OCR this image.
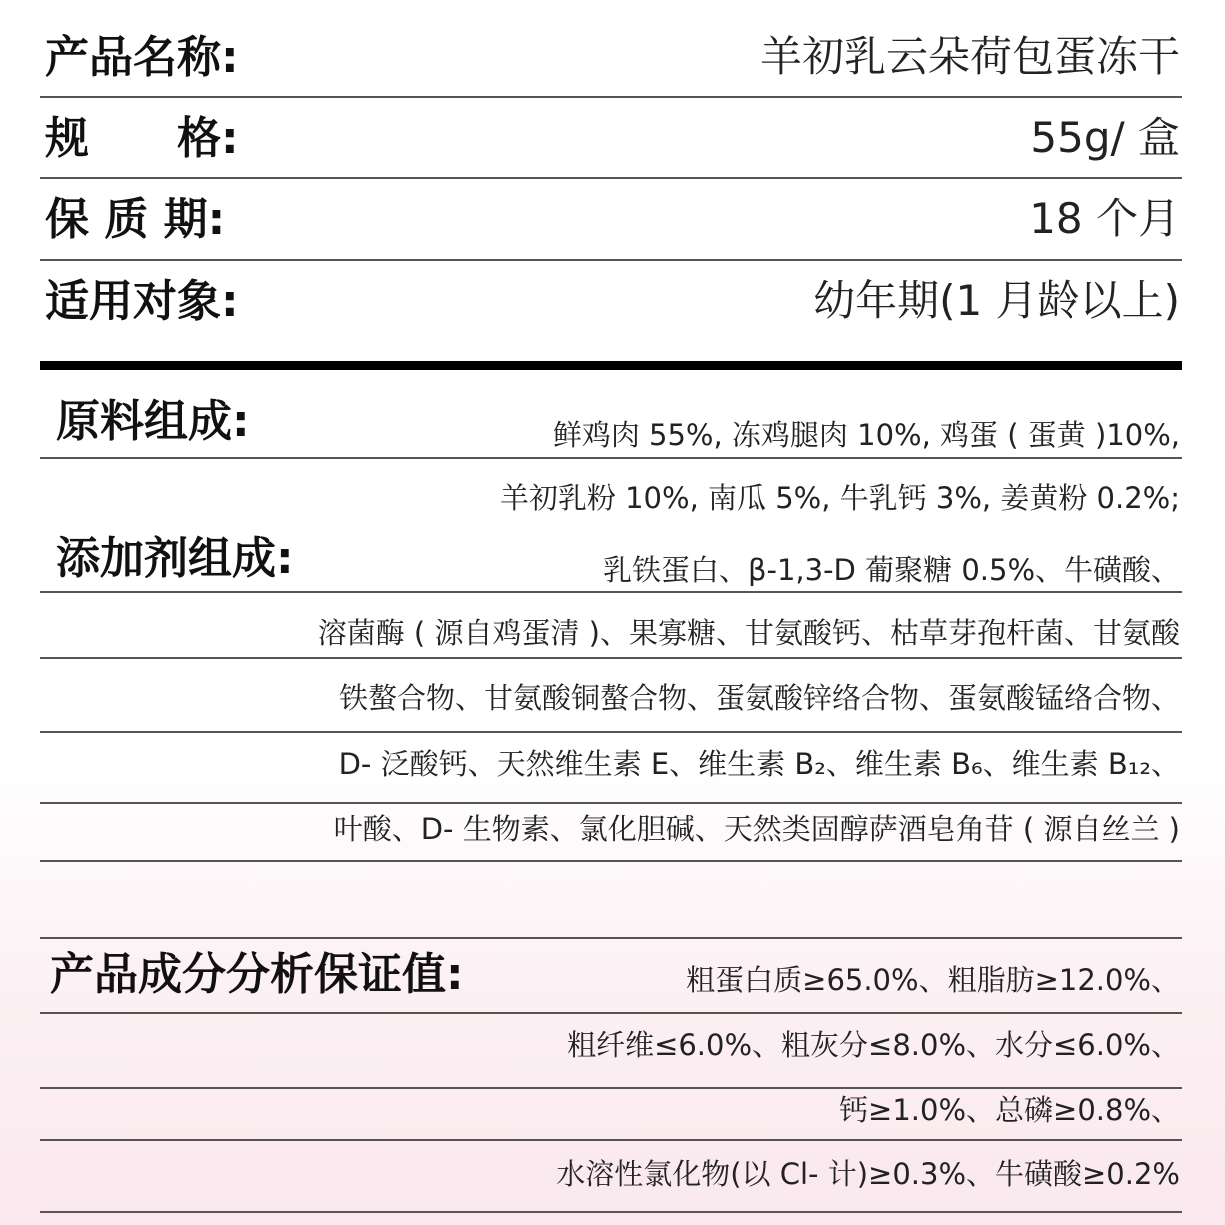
产品名称:	羊初乳云朵荷包蛋冻干
规　　格:	55g/ 盒
保 质 期:	18 个月
适用对象:	幼年期(1 月龄以上)
原料组成:	鲜鸡肉 55%, 冻鸡腿肉 10%, 鸡蛋 ( 蛋黄 )10%,
羊初乳粉 10%, 南瓜 5%, 牛乳钙 3%, 姜黄粉 0.2%;
添加剂组成:	乳铁蛋白、β-1,3-D 葡聚糖 0.5%、牛磺酸、
溶菌酶 ( 源自鸡蛋清 )、果寡糖、甘氨酸钙、枯草芽孢杆菌、甘氨酸
铁螯合物、甘氨酸铜螯合物、蛋氨酸锌络合物、蛋氨酸锰络合物、
D- 泛酸钙、天然维生素 E、维生素 B₂、维生素 B₆、维生素 B₁₂、
叶酸、D- 生物素、氯化胆碱、天然类固醇萨酒皂角苷 ( 源自丝兰 )
产品成分分析保证值:	粗蛋白质≥65.0%、粗脂肪≥12.0%、
粗纤维≤6.0%、粗灰分≤8.0%、水分≤6.0%、
钙≥1.0%、总磷≥0.8%、
水溶性氯化物(以 Cl- 计)≥0.3%、牛磺酸≥0.2%
